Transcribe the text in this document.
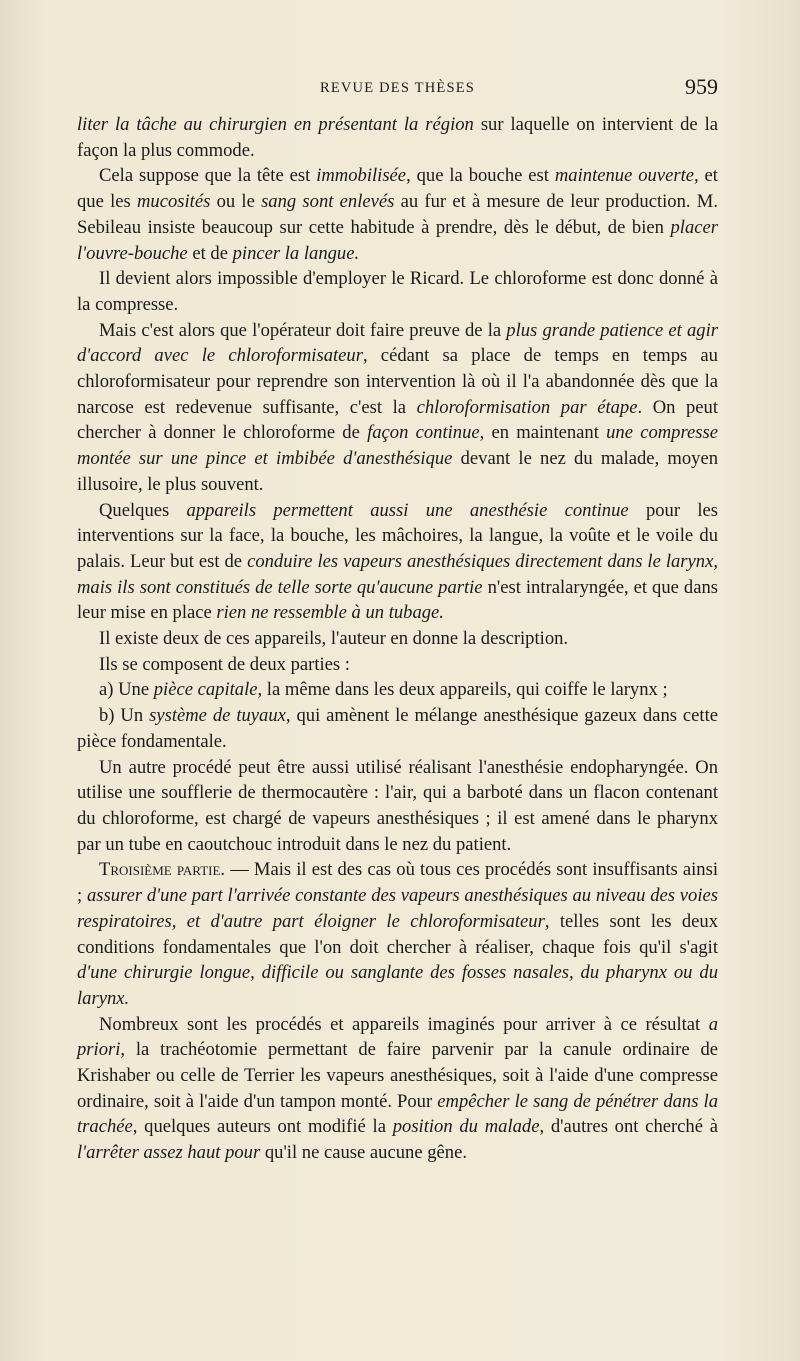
REVUE DES THÈSES	959

liter la tâche au chirurgien en présentant la région sur laquelle on intervient de la façon la plus commode.

Cela suppose que la tête est immobilisée, que la bouche est maintenue ouverte, et que les mucosités ou le sang sont enlevés au fur et à mesure de leur production. M. Sebileau insiste beaucoup sur cette habitude à prendre, dès le début, de bien placer l'ouvre-bouche et de pincer la langue.

Il devient alors impossible d'employer le Ricard. Le chloroforme est donc donné à la compresse.

Mais c'est alors que l'opérateur doit faire preuve de la plus grande patience et agir d'accord avec le chloroformisateur, cédant sa place de temps en temps au chloroformisateur pour reprendre son intervention là où il l'a abandonnée dès que la narcose est redevenue suffisante, c'est la chloroformisation par étape. On peut chercher à donner le chloroforme de façon continue, en maintenant une compresse montée sur une pince et imbibée d'anesthésique devant le nez du malade, moyen illusoire, le plus souvent.

Quelques appareils permettent aussi une anesthésie continue pour les interventions sur la face, la bouche, les mâchoires, la langue, la voûte et le voile du palais. Leur but est de conduire les vapeurs anesthésiques directement dans le larynx, mais ils sont constitués de telle sorte qu'aucune partie n'est intralaryngée, et que dans leur mise en place rien ne ressemble à un tubage.

Il existe deux de ces appareils, l'auteur en donne la description.

Ils se composent de deux parties :

a) Une pièce capitale, la même dans les deux appareils, qui coiffe le larynx ;

b) Un système de tuyaux, qui amènent le mélange anesthésique gazeux dans cette pièce fondamentale.

Un autre procédé peut être aussi utilisé réalisant l'anesthésie endopharyngée. On utilise une soufflerie de thermocautère : l'air, qui a barboté dans un flacon contenant du chloroforme, est chargé de vapeurs anesthésiques ; il est amené dans le pharynx par un tube en caoutchouc introduit dans le nez du patient.

Troisième partie. — Mais il est des cas où tous ces procédés sont insuffisants ainsi ; assurer d'une part l'arrivée constante des vapeurs anesthésiques au niveau des voies respiratoires, et d'autre part éloigner le chloroformisateur, telles sont les deux conditions fondamentales que l'on doit chercher à réaliser, chaque fois qu'il s'agit d'une chirurgie longue, difficile ou sanglante des fosses nasales, du pharynx ou du larynx.

Nombreux sont les procédés et appareils imaginés pour arriver à ce résultat a priori, la trachéotomie permettant de faire parvenir par la canule ordinaire de Krishaber ou celle de Terrier les vapeurs anesthésiques, soit à l'aide d'une compresse ordinaire, soit à l'aide d'un tampon monté. Pour empêcher le sang de pénétrer dans la trachée, quelques auteurs ont modifié la position du malade, d'autres ont cherché à l'arrêter assez haut pour qu'il ne cause aucune gêne.
